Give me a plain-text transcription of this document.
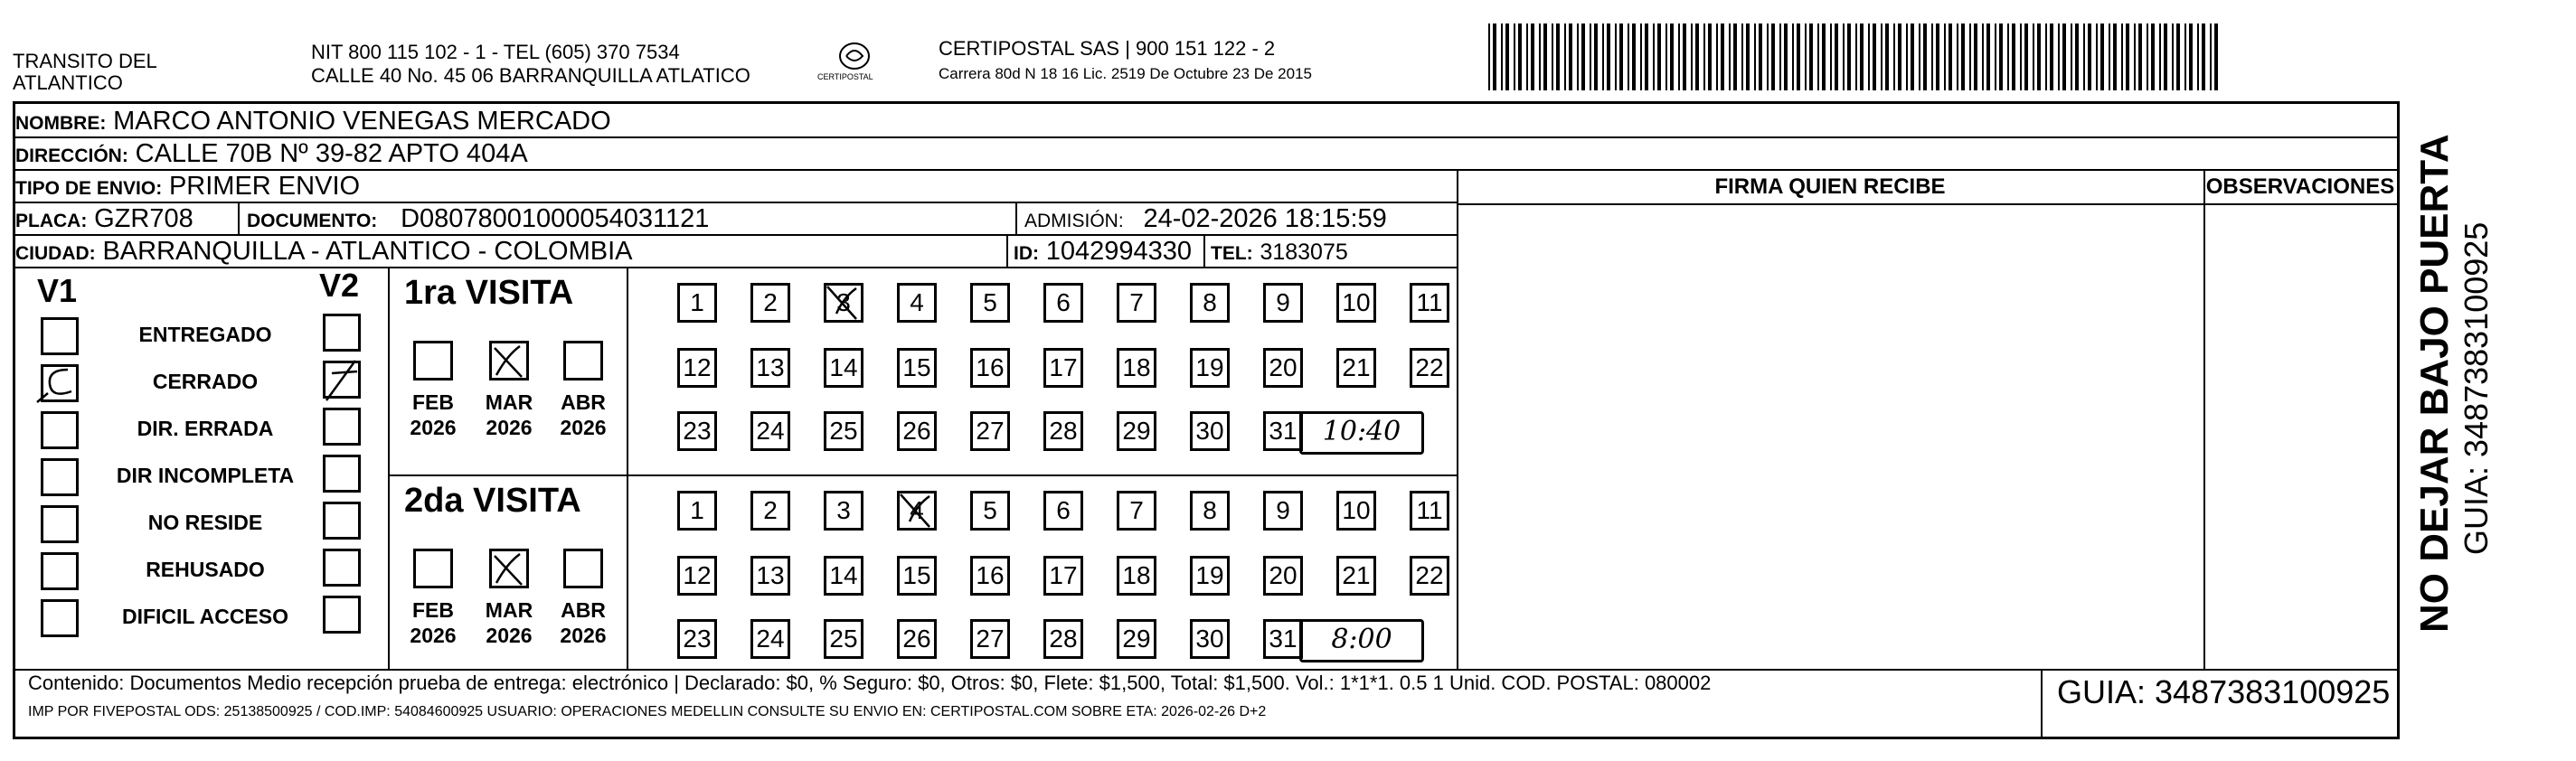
TRANSITO DEL
ATLANTICO
NIT 800 115 102 - 1 - TEL (605) 370 7534
CALLE 40 No. 45 06 BARRANQUILLA ATLATICO	CERTIPOSTAL
CERTIPOSTAL SAS | 900 151 122 - 2
Carrera 80d N 18 16 Lic. 2519 De Octubre 23 De 2015
NOMBRE: MARCO ANTONIO VENEGAS MERCADO
DIRECCIÓN: CALLE 70B Nº 39-82 APTO 404A
TIPO DE ENVIO: PRIMER ENVIO
PLACA: GZR708	DOCUMENTO: D08078001000054031121	ADMISIÓN: 24-02-2026 18:15:59
CIUDAD: BARRANQUILLA - ATLANTICO - COLOMBIA	ID: 1042994330 TEL: 3183075
FIRMA QUIEN RECIBE	OBSERVACIONES
V1	V2
ENTREGADO
CERRADO
DIR. ERRADA
DIR INCOMPLETA
NO RESIDE
REHUSADO
DIFICIL ACCESO
1ra VISITA
FEB
2026
MAR
2026
ABR
2026
1	2	3	4	5	6	7	8	9	10 11
12 13 14 15 16 17 18 19 20 21 22
23 24 25 26 27 28 29 30 31 10:40
2da VISITA
FEB
2026
MAR
2026
ABR
2026
1	2	3	4	5	6	7	8	9	10 11
12 13 14 15 16 17 18 19 20 21 22
23 24 25 26 27 28 29 30 31	8:00
Contenido: Documentos Medio recepción prueba de entrega: electrónico | Declarado: $0, % Seguro: $0, Otros: $0, Flete: $1,500, Total: $1,500. Vol.: 1*1*1. 0.5 1 Unid. COD. POSTAL: 080002
IMP POR FIVEPOSTAL ODS: 25138500925 / COD.IMP: 54084600925 USUARIO: OPERACIONES MEDELLIN CONSULTE SU ENVIO EN: CERTIPOSTAL.COM SOBRE ETA: 2026-02-26 D+2
GUIA: 3487383100925
NO DEJAR BAJO PUERTA GUIA: 3487383100925
